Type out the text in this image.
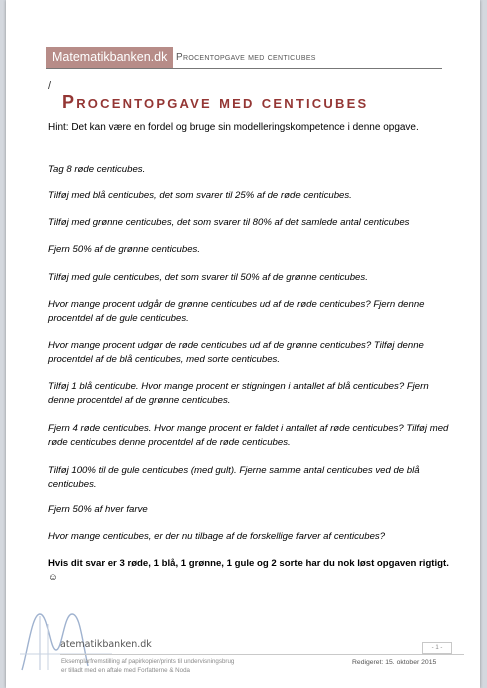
Matematikbanken.dk Procentopgave med centicubes
/
Procentopgave med centicubes
Hint: Det kan være en fordel og bruge sin modelleringskompetence i denne opgave.
Tag 8 røde centicubes.
Tilføj med blå centicubes, det som svarer til 25% af de røde centicubes.
Tilføj med grønne centicubes, det som svarer til 80% af det samlede antal centicubes
Fjern 50% af de grønne centicubes.
Tilføj med gule centicubes, det som svarer til 50% af de grønne centicubes.
Hvor mange procent udgår de grønne centicubes ud af de røde centicubes? Fjern denne procentdel af de gule centicubes.
Hvor mange procent udgør de røde centicubes ud af de grønne centicubes? Tilføj denne procentdel af de blå centicubes, med sorte centicubes.
Tilføj 1 blå centicube. Hvor mange procent er stigningen i antallet af blå centicubes? Fjern denne procentdel af de grønne centicubes.
Fjern 4 røde centicubes. Hvor mange procent er faldet i antallet af røde centicubes? Tilføj med røde centicubes denne procentdel af de røde centicubes.
Tilføj 100% til de gule centicubes (med gult). Fjerne samme antal centicubes ved de blå centicubes.
Fjern 50% af hver farve
Hvor mange centicubes, er der nu tilbage af de forskellige farver af centicubes?
Hvis dit svar er 3 røde, 1 blå, 1 grønne, 1 gule og 2 sorte har du nok løst opgaven rigtigt. ☺
atematikbanken.dk	- 1 -
Eksemplarfremstilling af papirkopier/prints til undervisningsbrug
er tilladt med en aftale med Forfatterne & Noda
Redigeret: 15. oktober 2015
